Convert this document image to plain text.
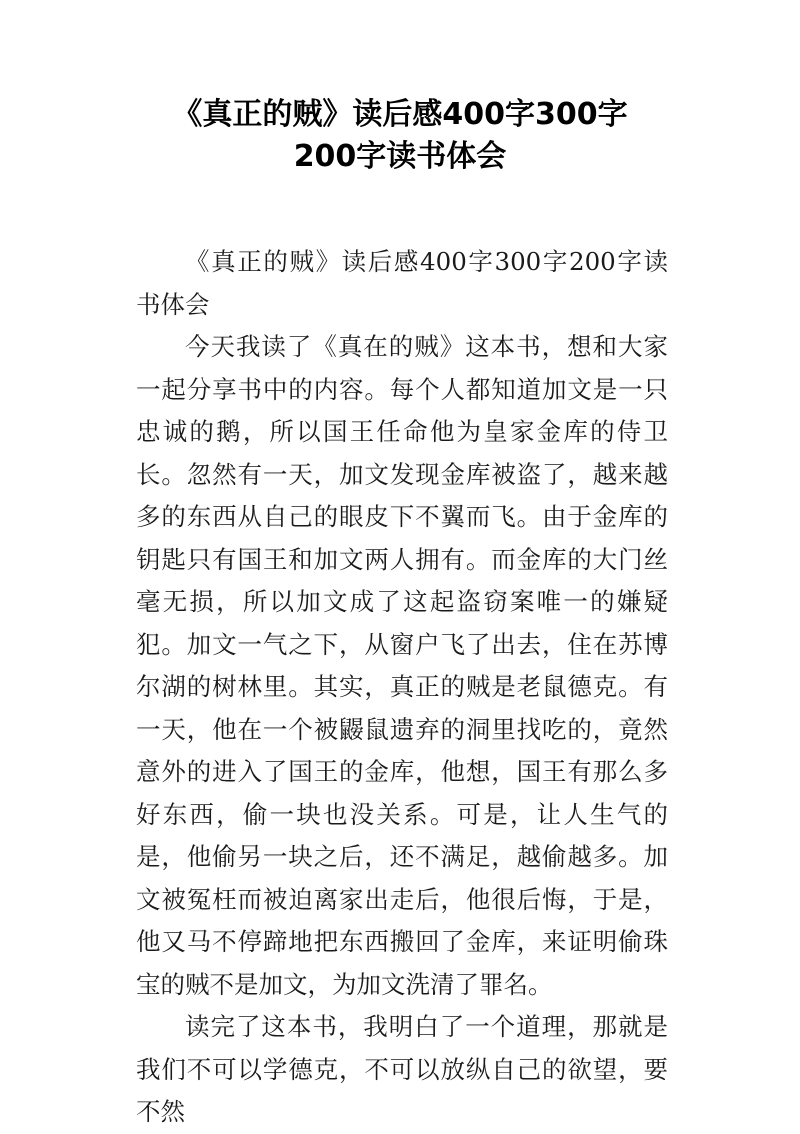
《真正的贼》读后感400字300字
200字读书体会

《真正的贼》读后感400字300字200字读书体会

今天我读了《真在的贼》这本书，想和大家一起分享书中的内容。每个人都知道加文是一只忠诚的鹅，所以国王任命他为皇家金库的侍卫长。忽然有一天，加文发现金库被盗了，越来越多的东西从自己的眼皮下不翼而飞。由于金库的钥匙只有国王和加文两人拥有。而金库的大门丝毫无损，所以加文成了这起盗窃案唯一的嫌疑犯。加文一气之下，从窗户飞了出去，住在苏博尔湖的树林里。其实，真正的贼是老鼠德克。有一天，他在一个被鼹鼠遗弃的洞里找吃的，竟然意外的进入了国王的金库，他想，国王有那么多好东西，偷一块也没关系。可是，让人生气的是，他偷另一块之后，还不满足，越偷越多。加文被冤枉而被迫离家出走后，他很后悔，于是，他又马不停蹄地把东西搬回了金库，来证明偷珠宝的贼不是加文，为加文洗清了罪名。

读完了这本书，我明白了一个道理，那就是我们不可以学德克，不可以放纵自己的欲望，要不然
